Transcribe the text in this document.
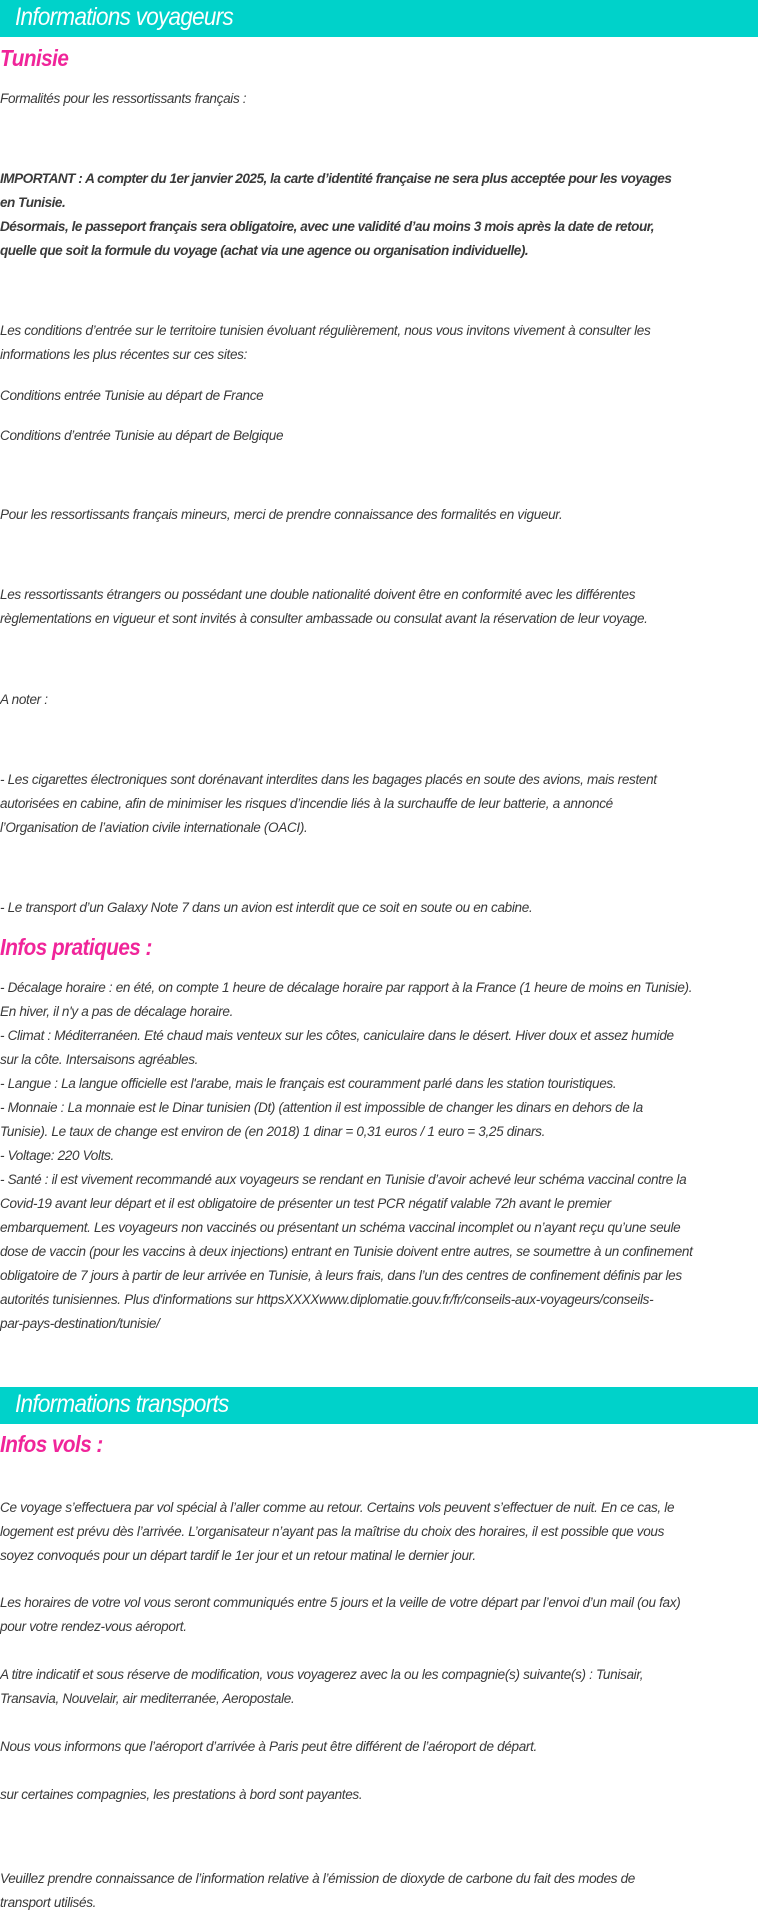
Informations voyageurs
Tunisie
Formalités pour les ressortissants français :
IMPORTANT : A compter du 1er janvier 2025, la carte d’identité française ne sera plus acceptée pour les voyages
en Tunisie.
Désormais, le passeport français sera obligatoire, avec une validité d’au moins 3 mois après la date de retour,
quelle que soit la formule du voyage (achat via une agence ou organisation individuelle).
Les conditions d’entrée sur le territoire tunisien évoluant régulièrement, nous vous invitons vivement à consulter les
informations les plus récentes sur ces sites:
Conditions entrée Tunisie au départ de France
Conditions d’entrée Tunisie au départ de Belgique
Pour les ressortissants français mineurs, merci de prendre connaissance des formalités en vigueur.
Les ressortissants étrangers ou possédant une double nationalité doivent être en conformité avec les différentes
règlementations en vigueur et sont invités à consulter ambassade ou consulat avant la réservation de leur voyage.
A noter :
- Les cigarettes électroniques sont dorénavant interdites dans les bagages placés en soute des avions, mais restent
autorisées en cabine, afin de minimiser les risques d’incendie liés à la surchauffe de leur batterie, a annoncé
l’Organisation de l’aviation civile internationale (OACI).
- Le transport d’un Galaxy Note 7 dans un avion est interdit que ce soit en soute ou en cabine.
Infos pratiques :
- Décalage horaire : en été, on compte 1 heure de décalage horaire par rapport à la France (1 heure de moins en Tunisie).
En hiver, il n'y a pas de décalage horaire.
- Climat : Méditerranéen. Eté chaud mais venteux sur les côtes, caniculaire dans le désert. Hiver doux et assez humide
sur la côte. Intersaisons agréables.
- Langue : La langue officielle est l'arabe, mais le français est couramment parlé dans les station touristiques.
- Monnaie : La monnaie est le Dinar tunisien (Dt) (attention il est impossible de changer les dinars en dehors de la
Tunisie). Le taux de change est environ de (en 2018) 1 dinar = 0,31 euros / 1 euro = 3,25 dinars.
- Voltage: 220 Volts.
- Santé : il est vivement recommandé aux voyageurs se rendant en Tunisie d’avoir achevé leur schéma vaccinal contre la
Covid-19 avant leur départ et il est obligatoire de présenter un test PCR négatif valable 72h avant le premier
embarquement. Les voyageurs non vaccinés ou présentant un schéma vaccinal incomplet ou n’ayant reçu qu’une seule
dose de vaccin (pour les vaccins à deux injections) entrant en Tunisie doivent entre autres, se soumettre à un confinement
obligatoire de 7 jours à partir de leur arrivée en Tunisie, à leurs frais, dans l’un des centres de confinement définis par les
autorités tunisiennes. Plus d'informations sur httpsXXXXwww.diplomatie.gouv.fr/fr/conseils-aux-voyageurs/conseils-
par-pays-destination/tunisie/
Informations transports
Infos vols :
Ce voyage s’effectuera par vol spécial à l’aller comme au retour. Certains vols peuvent s’effectuer de nuit. En ce cas, le
logement est prévu dès l’arrivée. L’organisateur n’ayant pas la maîtrise du choix des horaires, il est possible que vous
soyez convoqués pour un départ tardif le 1er jour et un retour matinal le dernier jour.
Les horaires de votre vol vous seront communiqués entre 5 jours et la veille de votre départ par l’envoi d’un mail (ou fax)
pour votre rendez-vous aéroport.
A titre indicatif et sous réserve de modification, vous voyagerez avec la ou les compagnie(s) suivante(s) : Tunisair,
Transavia, Nouvelair, air mediterranée, Aeropostale.
Nous vous informons que l’aéroport d’arrivée à Paris peut être différent de l’aéroport de départ.
sur certaines compagnies, les prestations à bord sont payantes.
Veuillez prendre connaissance de l’information relative à l’émission de dioxyde de carbone du fait des modes de
transport utilisés.
